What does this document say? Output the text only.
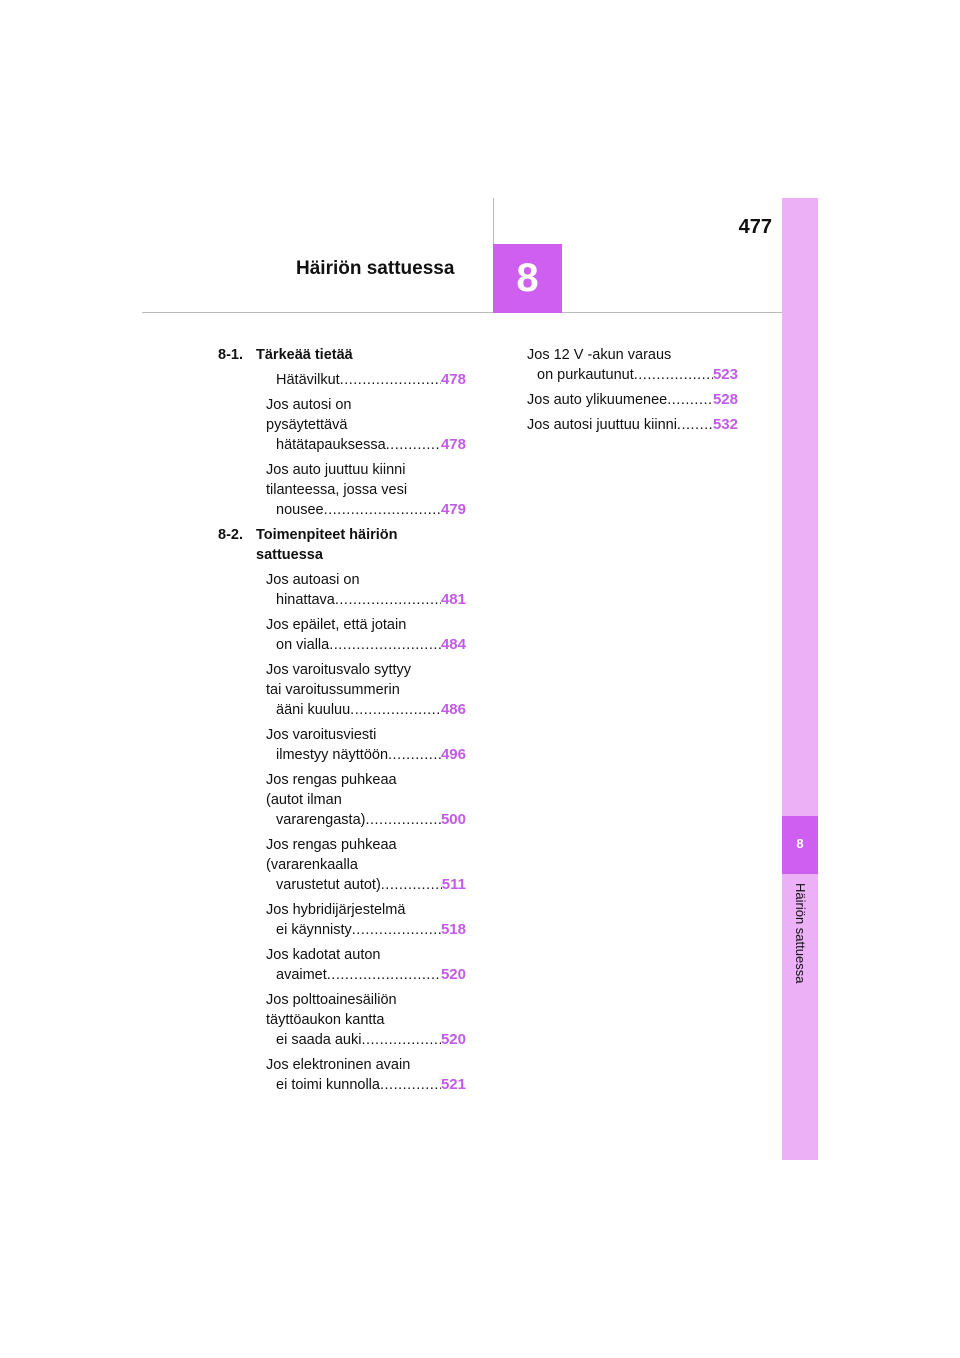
8
Häiriön sattuessa
8
477
Häiriön sattuessa
8-1. Tärkeää tietää
Hätävilkut .....	478
Jos autosi on
pysäytettävä
hätätapauksessa .....	478
Jos auto juuttuu kiinni
tilanteessa, jossa vesi
nousee .....	479
8-2. Toimenpiteet häiriön
sattuessa
Jos autoasi on
hinattava .....	481
Jos epäilet, että jotain
on vialla .....	484
Jos varoitusvalo syttyy
tai varoitussummerin
ääni kuuluu .....	486
Jos varoitusviesti
ilmestyy näyttöön .....	496
Jos rengas puhkeaa
(autot ilman
vararengasta) .....	500
Jos rengas puhkeaa
(vararenkaalla
varustetut autot) .....	511
Jos hybridijärjestelmä
ei käynnisty .....	518
Jos kadotat auton
avaimet .....	520
Jos polttoainesäiliön
täyttöaukon kantta
ei saada auki .....	520
Jos elektroninen avain
ei toimi kunnolla .....	521
Jos 12 V -akun varaus
on purkautunut .....	523
Jos auto ylikuumenee .....	528
Jos autosi juuttuu kiinni ..... 532
